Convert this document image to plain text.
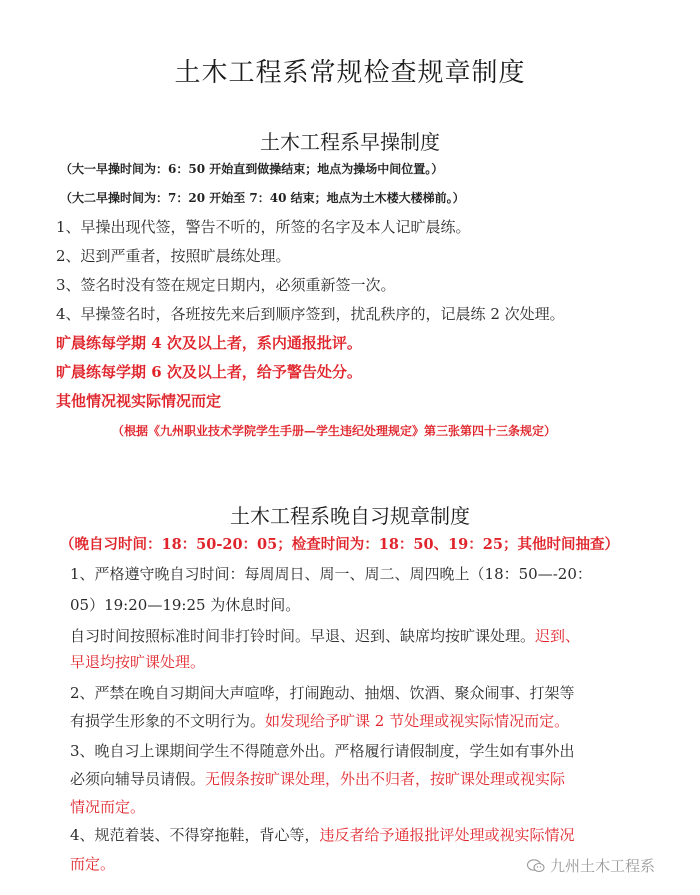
土木工程系常规检查规章制度
土木工程系早操制度
（大一早操时间为：6：50 开始直到做操结束；地点为操场中间位置。）
（大二早操时间为：7：20 开始至 7：40 结束；地点为土木楼大楼梯前。）
1、早操出现代签，警告不听的，所签的名字及本人记旷晨练。
2、迟到严重者，按照旷晨练处理。
3、签名时没有签在规定日期内，必须重新签一次。
4、早操签名时，各班按先来后到顺序签到，扰乱秩序的，记晨练 2 次处理。
旷晨练每学期 4 次及以上者，系内通报批评。
旷晨练每学期 6 次及以上者，给予警告处分。
其他情况视实际情况而定
（根据《九州职业技术学院学生手册—学生违纪处理规定》第三张第四十三条规定）
土木工程系晚自习规章制度
（晚自习时间：18：50-20：05；检查时间为：18：50、19：25；其他时间抽查）
1、严格遵守晚自习时间：每周周日、周一、周二、周四晚上（18：50—-20：
05）19:20—19:25 为休息时间。
自习时间按照标准时间非打铃时间。早退、迟到、缺席均按旷课处理。迟到、
早退均按旷课处理。
2、严禁在晚自习期间大声喧哗，打闹跑动、抽烟、饮酒、聚众闹事、打架等
有损学生形象的不文明行为。如发现给予旷课 2 节处理或视实际情况而定。
3、晚自习上课期间学生不得随意外出。严格履行请假制度，学生如有事外出
必须向辅导员请假。无假条按旷课处理，外出不归者，按旷课处理或视实际
情况而定。
4、规范着装、不得穿拖鞋，背心等，违反者给予通报批评处理或视实际情况
而定。	九州土木工程系
